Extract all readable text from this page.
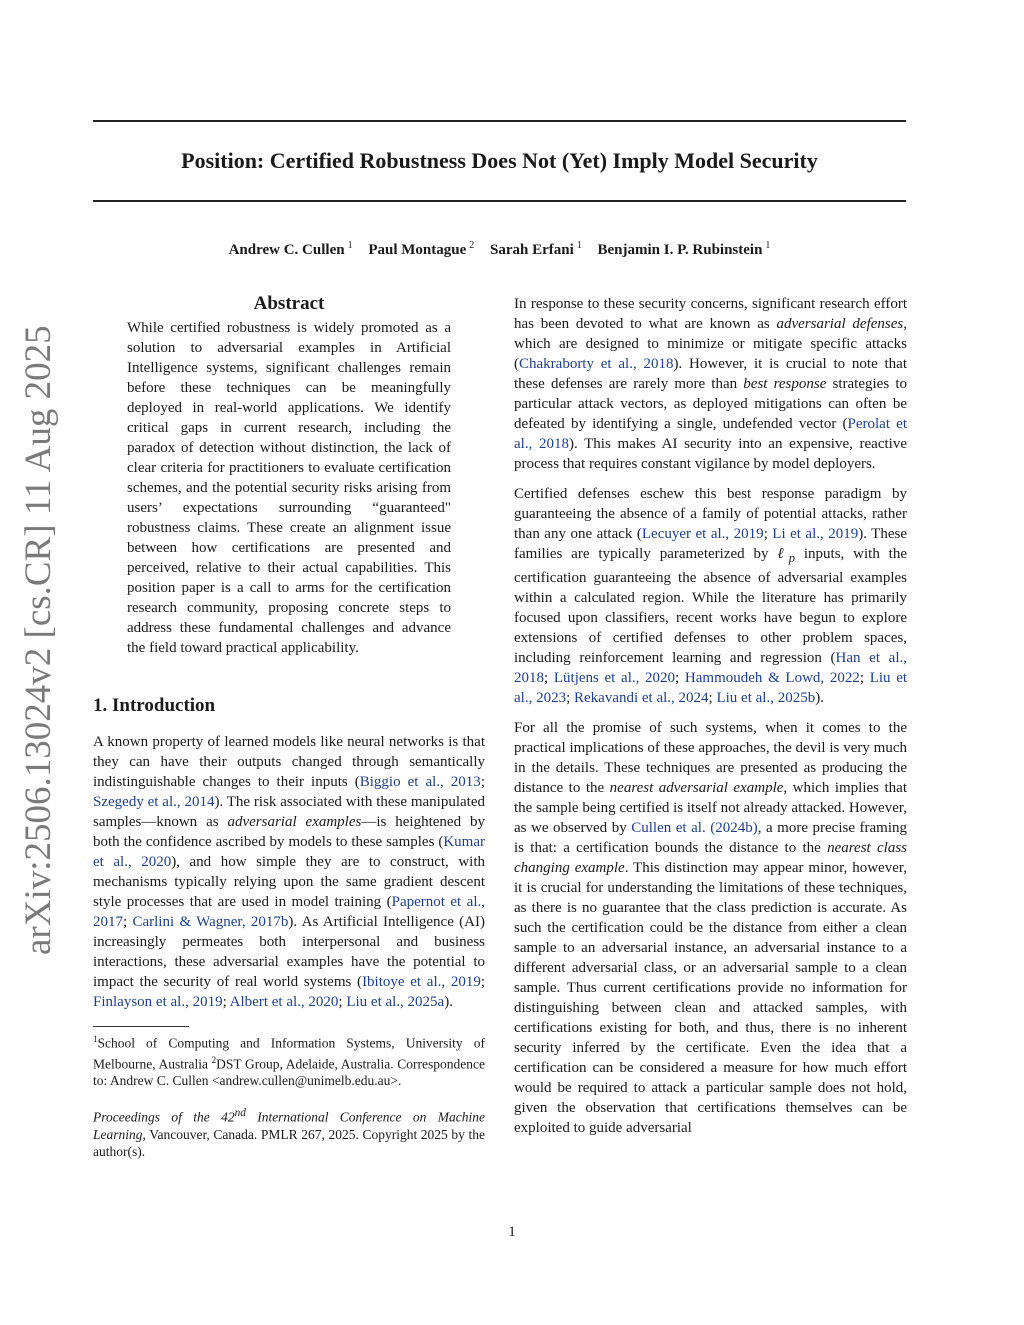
Position: Certified Robustness Does Not (Yet) Imply Model Security
Andrew C. Cullen $^1$ Paul Montague $^2$ Sarah Erfani $^1$ Benjamin I. P. Rubinstein $^1$
arXiv:2506.13024v2 [cs.CR] 11 Aug 2025
Abstract

While certified robustness is widely promoted as a solution to adversarial examples in Artificial Intelligence systems, significant challenges remain before these techniques can be meaningfully deployed in real-world applications. We identify critical gaps in current research, including the paradox of detection without distinction, the lack of clear criteria for practitioners to evaluate certification schemes, and the potential security risks arising from users’ expectations surrounding “guaranteed" robustness claims. These create an alignment issue between how certifications are presented and perceived, relative to their actual capabilities. This position paper is a call to arms for the certification research community, proposing concrete steps to address these fundamental challenges and advance the field toward practical applicability.

1. Introduction

A known property of learned models like neural networks is that they can have their outputs changed through semantically indistinguishable changes to their inputs (Biggio et al., 2013; Szegedy et al., 2014). The risk associated with these manipulated samples—known as adversarial examples—is heightened by both the confidence ascribed by models to these samples (Kumar et al., 2020), and how simple they are to construct, with mechanisms typically relying upon the same gradient descent style processes that are used in model training (Papernot et al., 2017; Carlini & Wagner, 2017b). As Artificial Intelligence (AI) increasingly permeates both interpersonal and business interactions, these adversarial examples have the potential to impact the security of real world systems (Ibitoye et al., 2019; Finlayson et al., 2019; Albert et al., 2020; Liu et al., 2025a).

$^1$School of Computing and Information Systems, University of Melbourne, Australia $^2$DST Group, Adelaide, Australia. Correspondence to: Andrew C. Cullen <andrew.cullen@unimelb.edu.au>.

Proceedings of the 42nd International Conference on Machine Learning, Vancouver, Canada. PMLR 267, 2025. Copyright 2025 by the author(s).

In response to these security concerns, significant research effort has been devoted to what are known as adversarial defenses, which are designed to minimize or mitigate specific attacks (Chakraborty et al., 2018). However, it is crucial to note that these defenses are rarely more than best response strategies to particular attack vectors, as deployed mitigations can often be defeated by identifying a single, undefended vector (Perolat et al., 2018). This makes AI security into an expensive, reactive process that requires constant vigilance by model deployers.

Certified defenses eschew this best response paradigm by guaranteeing the absence of a family of potential attacks, rather than any one attack (Lecuyer et al., 2019; Li et al., 2019). These families are typically parameterized by ℓ$_p$ inputs, with the certification guaranteeing the absence of adversarial examples within a calculated region. While the literature has primarily focused upon classifiers, recent works have begun to explore extensions of certified defenses to other problem spaces, including reinforcement learning and regression (Han et al., 2018; Lütjens et al., 2020; Hammoudeh & Lowd, 2022; Liu et al., 2023; Rekavandi et al., 2024; Liu et al., 2025b).

For all the promise of such systems, when it comes to the practical implications of these approaches, the devil is very much in the details. These techniques are presented as producing the distance to the nearest adversarial example, which implies that the sample being certified is itself not already attacked. However, as we observed by Cullen et al. (2024b), a more precise framing is that: a certification bounds the distance to the nearest class changing example. This distinction may appear minor, however, it is crucial for understanding the limitations of these techniques, as there is no guarantee that the class prediction is accurate. As such the certification could be the distance from either a clean sample to an adversarial instance, an adversarial instance to a different adversarial class, or an adversarial sample to a clean sample. Thus current certifications provide no information for distinguishing between clean and attacked samples, with certifications existing for both, and thus, there is no inherent security inferred by the certificate. Even the idea that a certification can be considered a measure for how much effort would be required to attack a particular sample does not hold, given the observation that certifications themselves can be exploited to guide adversarial

1
